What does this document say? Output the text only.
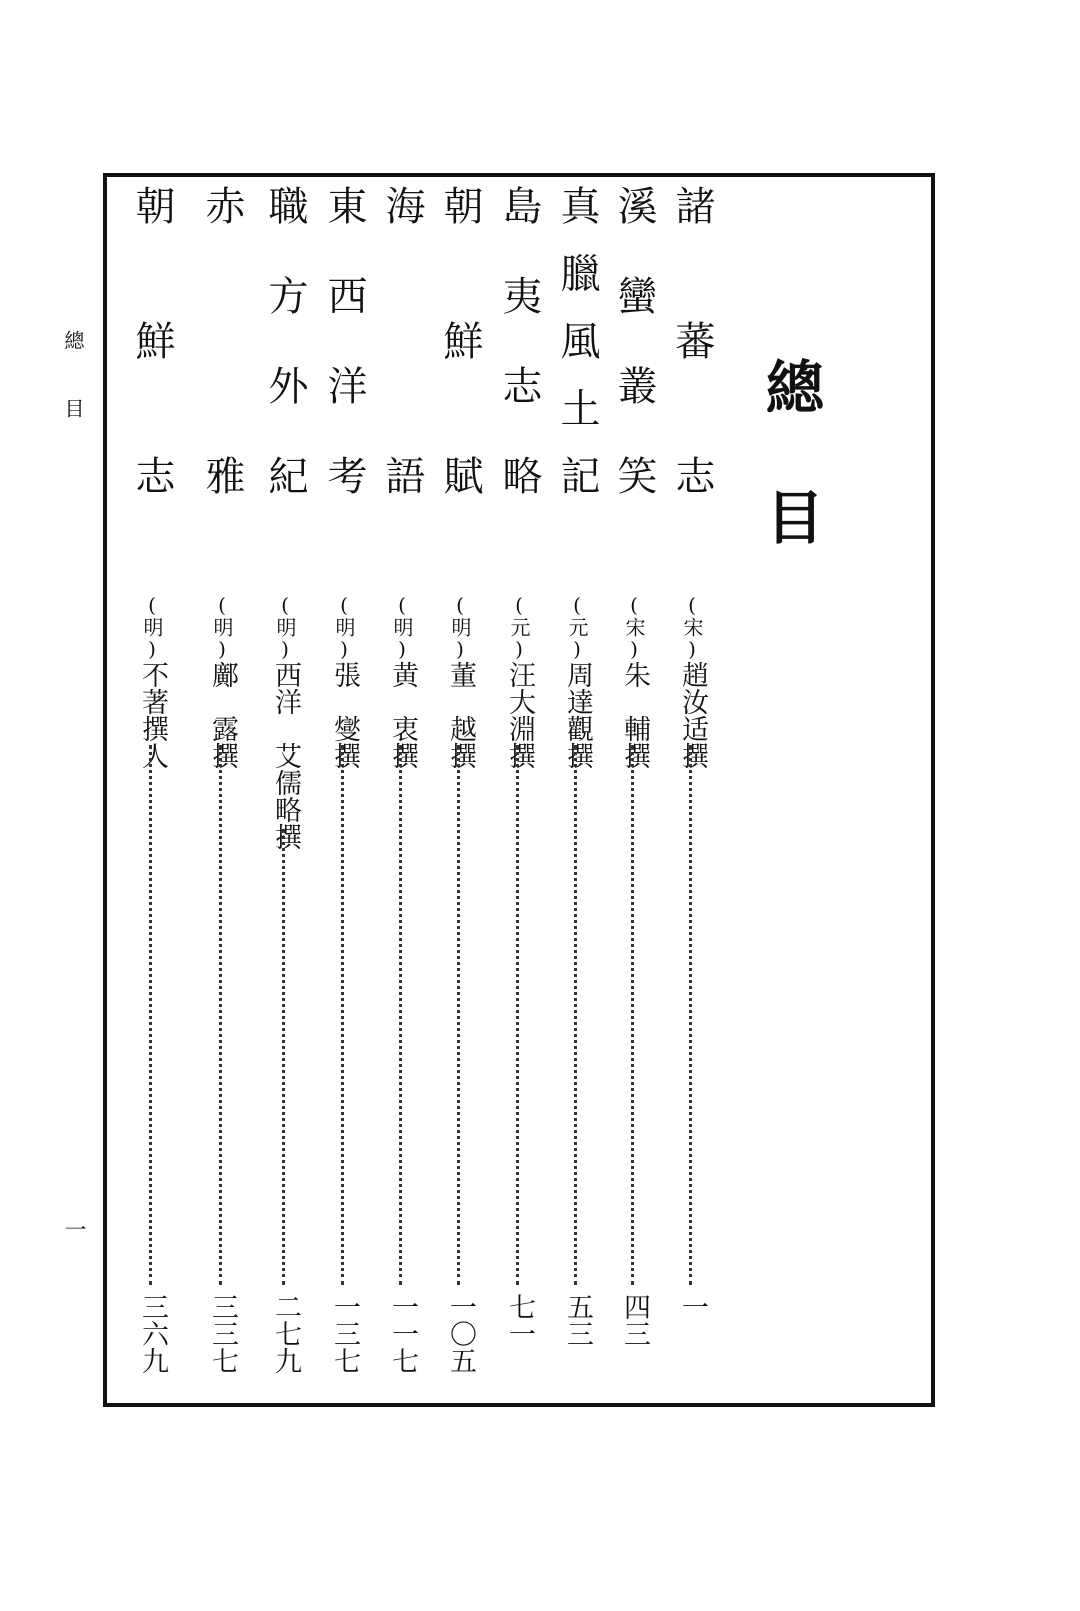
總目
一
總目
諸蕃志
(宋)趙汝适撰
一
溪蠻叢笑
(宋)朱　輔撰
四三
真臘風土記
(元)周達觀撰
五三
島夷志略
(元)汪大淵撰
七一
朝鮮賦
(明)董　越撰
一〇五
海語
(明)黄　衷撰
一一七
東西洋考
(明)張　燮撰
一三七
職方外紀
(明)西洋　艾儒略撰
二七九
赤雅
(明)鄺　露撰
三三七
朝鮮志
(明)不著撰人
三六九
